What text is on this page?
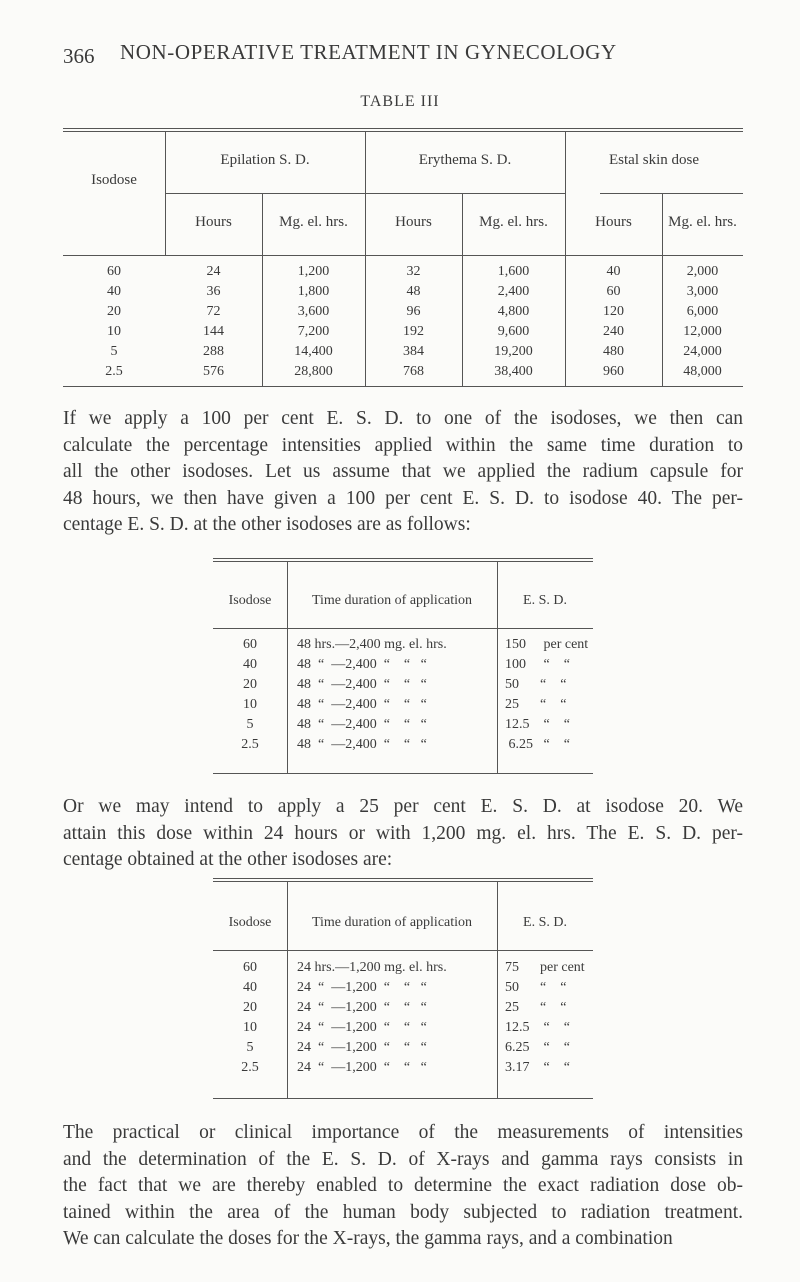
366 NON-OPERATIVE TREATMENT IN GYNECOLOGY
TABLE III
Isodose
Epilation S. D.	Erythema S. D.	Estal skin dose
Hours	Mg. el. hrs.	Hours	Mg. el. hrs.	Hours	Mg. el. hrs.
60	24	1,200	32	1,600	40	2,000
40	36	1,800	48	2,400	60	3,000
20	72	3,600	96	4,800	120	6,000
10	144	7,200	192	9,600	240	12,000
5	288	14,400	384	19,200	480	24,000
2.5	576	28,800	768	38,400	960	48,000
If we apply a 100 per cent E. S. D. to one of the isodoses, we then can
calculate the percentage intensities applied within the same time duration to
all the other isodoses. Let us assume that we applied the radium capsule for
48 hours, we then have given a 100 per cent E. S. D. to isodose 40. The per-
centage E. S. D. at the other isodoses are as follows:
Isodose	Time duration of application	E. S. D.
60	48 hrs.—2,400 mg. el. hrs.	150     per cent
40	48  “  —2,400  “    “   “	100     “    “
20	48  “  —2,400  “    “   “	50      “    “
10	48  “  —2,400  “    “   “	25      “    “
5	48  “  —2,400  “    “   “	12.5    “    “
2.5	48  “  —2,400  “    “   “	6.25   “    “
Or we may intend to apply a 25 per cent E. S. D. at isodose 20. We
attain this dose within 24 hours or with 1,200 mg. el. hrs. The E. S. D. per-
centage obtained at the other isodoses are:
Isodose	Time duration of application	E. S. D.
60	24 hrs.—1,200 mg. el. hrs.	75      per cent
40	24  “  —1,200  “    “   “	50      “    “
20	24  “  —1,200  “    “   “	25      “    “
10	24  “  —1,200  “    “   “	12.5    “    “
5	24  “  —1,200  “    “   “	6.25    “    “
2.5	24  “  —1,200  “    “   “	3.17    “    “
The practical or clinical importance of the measurements of intensities
and the determination of the E. S. D. of X-rays and gamma rays consists in
the fact that we are thereby enabled to determine the exact radiation dose ob-
tained within the area of the human body subjected to radiation treatment.
We can calculate the doses for the X-rays, the gamma rays, and a combination
